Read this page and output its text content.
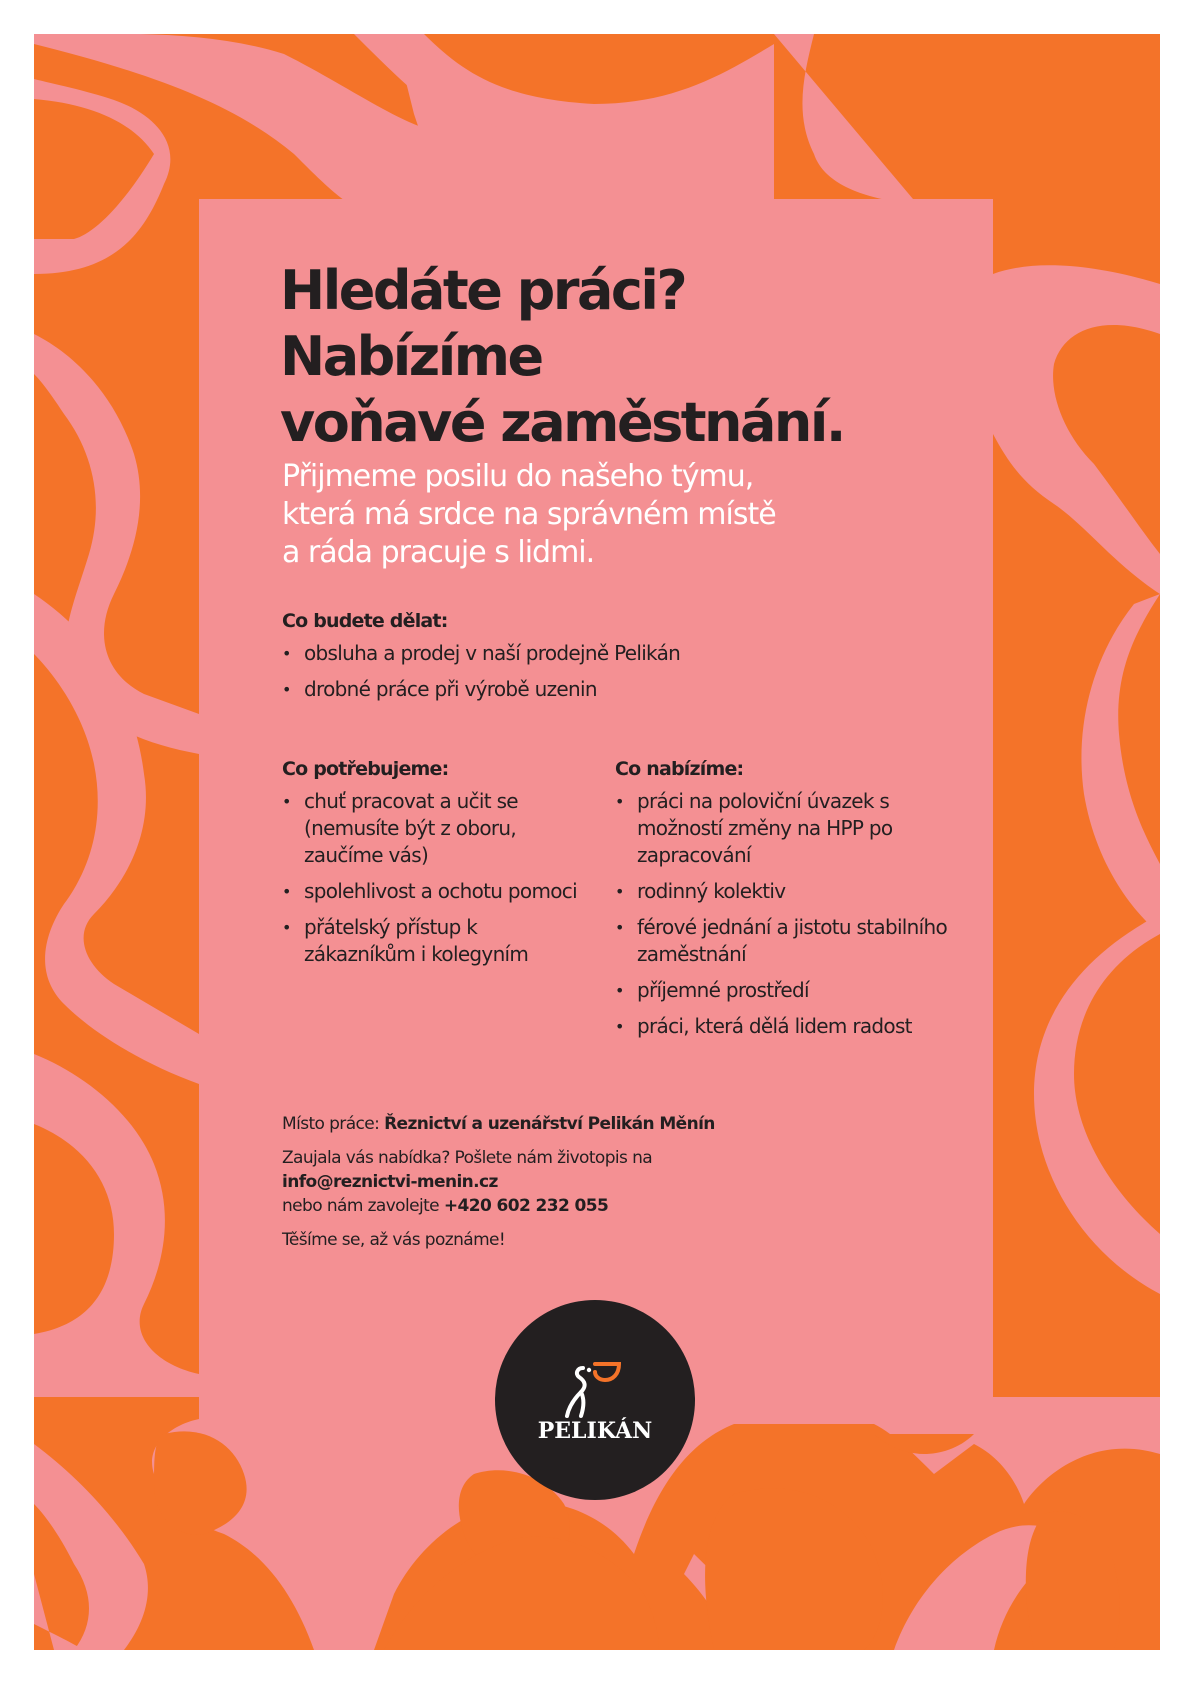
Hledáte práci?
Nabízíme
voňavé zaměstnání.

Přijmeme posilu do našeho týmu,
která má srdce na správném místě
a ráda pracuje s lidmi.

Co budete dělat:
• obsluha a prodej v naší prodejně Pelikán
• drobné práce při výrobě uzenin
Co potřebujeme:
• chuť pracovat a učit se (nemusíte být z oboru, zaučíme vás)
• spolehlivost a ochotu pomoci
• přátelský přístup k zákazníkům i kolegyním
Co nabízíme:
• práci na poloviční úvazek s možností změny na HPP po zapracování
• rodinný kolektiv
• férové jednání a jistotu stabilního zaměstnání
• příjemné prostředí
• práci, která dělá lidem radost

Místo práce: Řeznictví a uzenářství Pelikán Měnín

Zaujala vás nabídka? Pošlete nám životopis na

info@reznictvi-menin.cz

nebo nám zavolejte +420 602 232 055

Těšíme se, až vás poznáme!

PELIKÁN
